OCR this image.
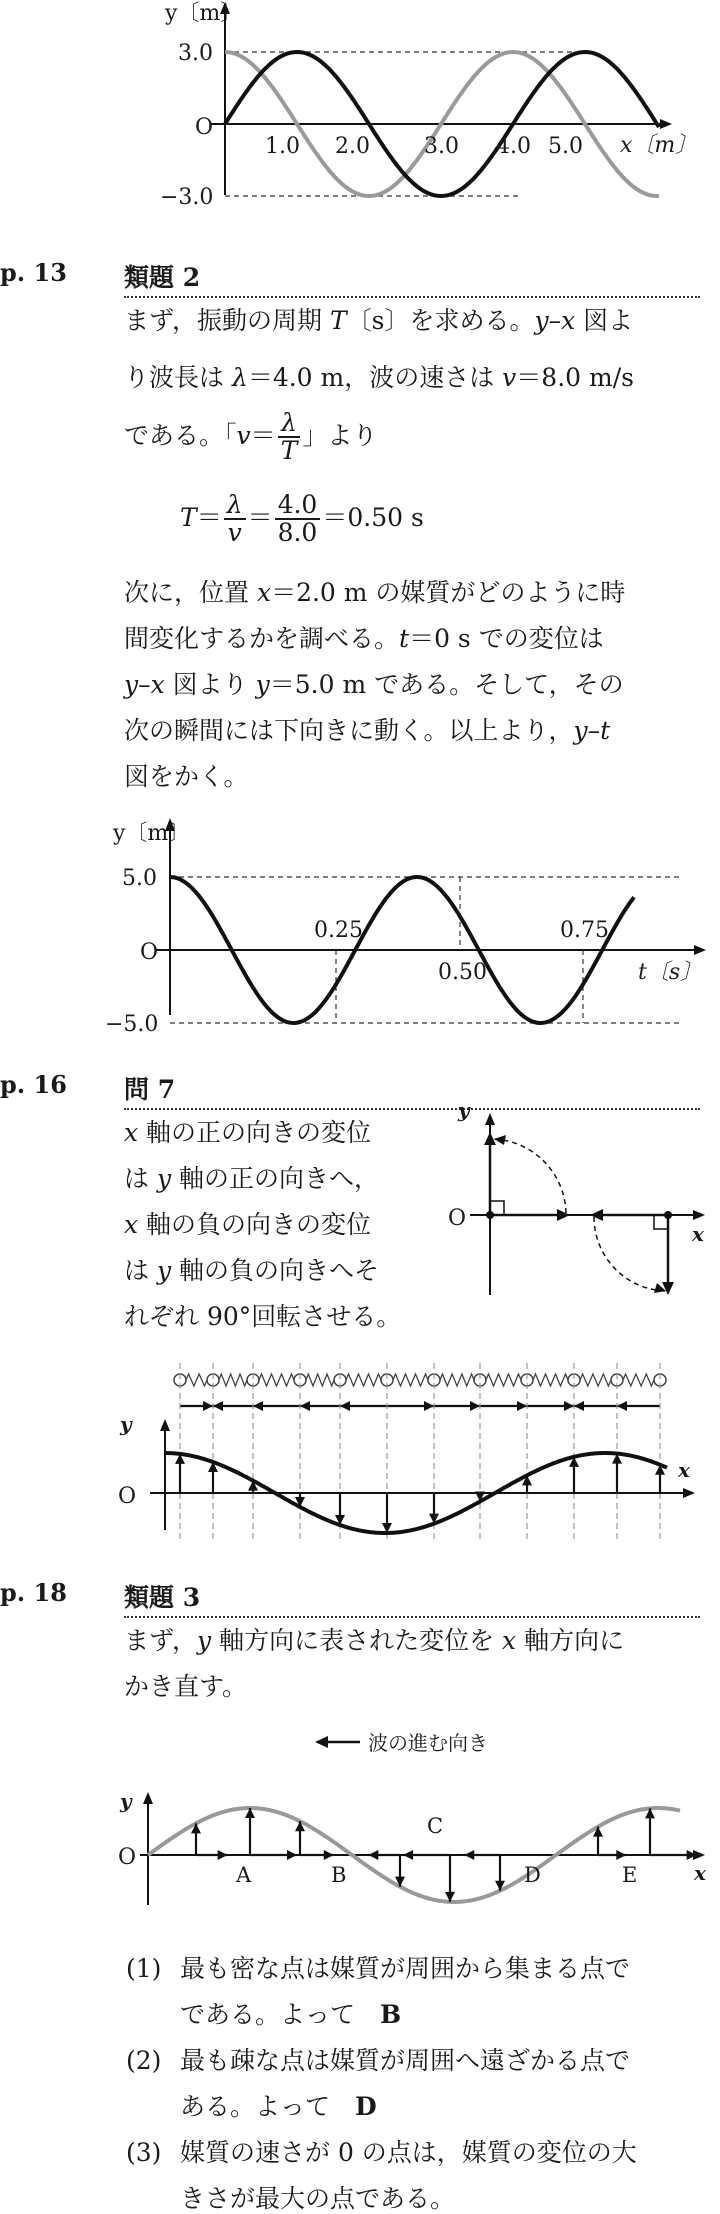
y〔m〕
3.0
O
−3.0
1.0 2.0 3.0 4.0 5.0 x〔m〕
p. 13 類題 2
まず，振動の周期 T〔s〕を求める。y–x 図よ
り波長は λ＝4.0 m，波の速さは v＝8.0 m/s
である。「$v= \frac{\lambda}{T}$ 」より
$T= \frac{\lambda}{v} = \frac{4.0}{8.0} =0.50$ s
次に，位置 x＝2.0 m の媒質がどのように時
間変化するかを調べる。t＝0 s での変位は
y–x 図より y＝5.0 m である。そして，その
次の瞬間には下向きに動く。以上より，y–t
図をかく。
y〔m〕
5.0
O
−5.0
0.25	0.75
0.50	t〔s〕
p. 16 問 7
x 軸の正の向きの変位
は y 軸の正の向きへ，
x 軸の負の向きの変位
は y 軸の負の向きへそ
れぞれ 90°回転させる。
y
O
x
y
O
x
p. 18 類題 3
まず，y 軸方向に表された変位を x 軸方向に
かき直す。
波の進む向き
y
O
x
A	B
C
D	E
(1) 最も密な点は媒質が周囲から集まる点で
である。よって　B
(2) 最も疎な点は媒質が周囲へ遠ざかる点で
ある。よって　D
(3) 媒質の速さが 0 の点は，媒質の変位の大
きさが最大の点である。
